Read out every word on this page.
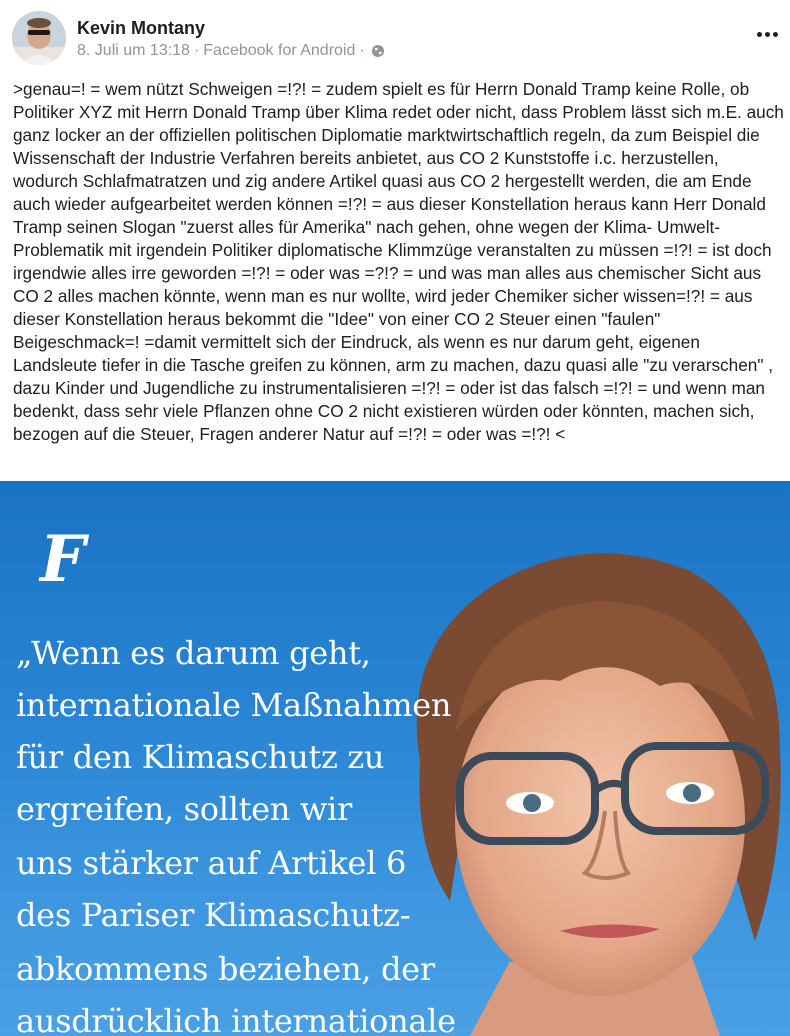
Kevin Montany
8. Juli um 13:18 · Facebook for Android ·

>genau=! = wem nützt Schweigen =!?! = zudem spielt es für Herrn Donald Tramp keine Rolle, ob Politiker XYZ mit Herrn Donald Tramp über Klima redet oder nicht, dass Problem lässt sich m.E. auch ganz locker an der offiziellen politischen Diplomatie marktwirtschaftlich regeln, da zum Beispiel die Wissenschaft der Industrie Verfahren bereits anbietet, aus CO 2 Kunststoffe i.c. herzustellen, wodurch Schlafmatratzen und zig andere Artikel quasi aus CO 2 hergestellt werden, die am Ende auch wieder aufgearbeitet werden können =!?! = aus dieser Konstellation heraus kann Herr Donald Tramp seinen Slogan "zuerst alles für Amerika" nach gehen, ohne wegen der Klima- Umwelt- Problematik mit irgendein Politiker diplomatische Klimmzüge veranstalten zu müssen =!?! = ist doch irgendwie alles irre geworden =!?! = oder was =?!? = und was man alles aus chemischer Sicht aus CO 2 alles machen könnte, wenn man es nur wollte, wird jeder Chemiker sicher wissen=!?! = aus dieser Konstellation heraus bekommt die "Idee" von einer CO 2 Steuer einen "faulen" Beigeschmack=! =damit vermittelt sich der Eindruck, als wenn es nur darum geht, eigenen Landsleute tiefer in die Tasche greifen zu können, arm zu machen, dazu quasi alle "zu verarschen" , dazu Kinder und Jugendliche zu instrumentalisieren =!?! = oder ist das falsch =!?! = und wenn man bedenkt, dass sehr viele Pflanzen ohne CO 2 nicht existieren würden oder könnten, machen sich, bezogen auf die Steuer, Fragen anderer Natur auf =!?! = oder was =!?! <

F
„Wenn es darum geht,
internationale Maßnahmen
für den Klimaschutz zu
ergreifen, sollten wir
uns stärker auf Artikel 6
des Pariser Klimaschutz-
abkommens beziehen, der
ausdrücklich internationale
